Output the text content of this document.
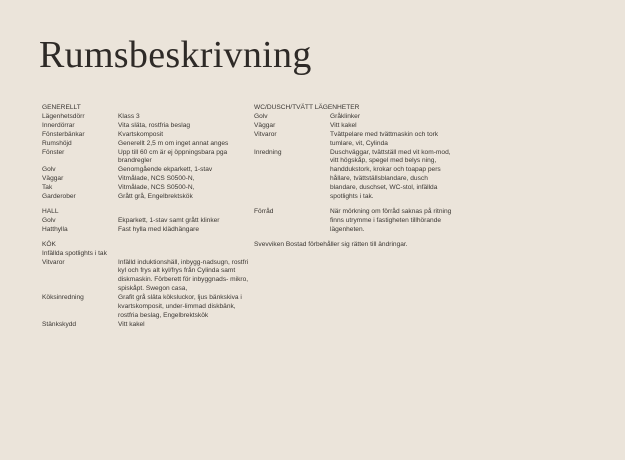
Rumsbeskrivning
GENERELLT
Lägenhetsdörr	Klass 3
Innerdörrar	Vita släta, rostfria beslag
Fönsterbänkar	Kvartskomposit
Rumshöjd	Generellt 2,5 m om inget annat anges
Fönster	Upp till 60 cm är ej öppningsbara pga brandregler
Golv	Genomgående ekparkett, 1-stav
Väggar	Vitmålade, NCS S0500-N,
Tak	Vitmålade, NCS S0500-N,
Garderober	Grått grå, Engelbrektskök
HALL
Golv	Ekparkett, 1-stav samt grått klinker
Hatthylla	Fast hylla med klädhängare
KÖK
Infällda spotlights i tak
Vitvaror	Infälld induktionshäll, inbygg-nadsugn, rostfri kyl och frys alt kyl/frys från Cylinda samt diskmaskin. Förberett för inbyggnads- mikro, spiskåpt. Swegon casa,
Köksinredning	Grafit grå släta köksluckor, ljus bänkskiva i kvartskomposit, under-limmad diskbänk, rostfria beslag, Engelbrektskök
Stänkskydd	Vitt kakel
WC/DUSCH/TVÄTT LÄGENHETER
Golv	Gråklinker
Väggar	Vitt kakel
Vitvaror	Tvättpelare med tvättmaskin och tork tumlare, vit, Cylinda
Inredning	Duschväggar, tvättställ med vit kom-mod, vitt högskåp, spegel med belys ning, handdukstork, krokar och toapap pers hållare, tvättställsblandare, dusch blandare, duschset, WC-stol, infällda spotlights i tak.
Förråd	När mörkning om förråd saknas på ritning finns utrymme i fastigheten tillhörande lägenheten.
Svevviken Bostad förbehåller sig rätten till ändringar.
